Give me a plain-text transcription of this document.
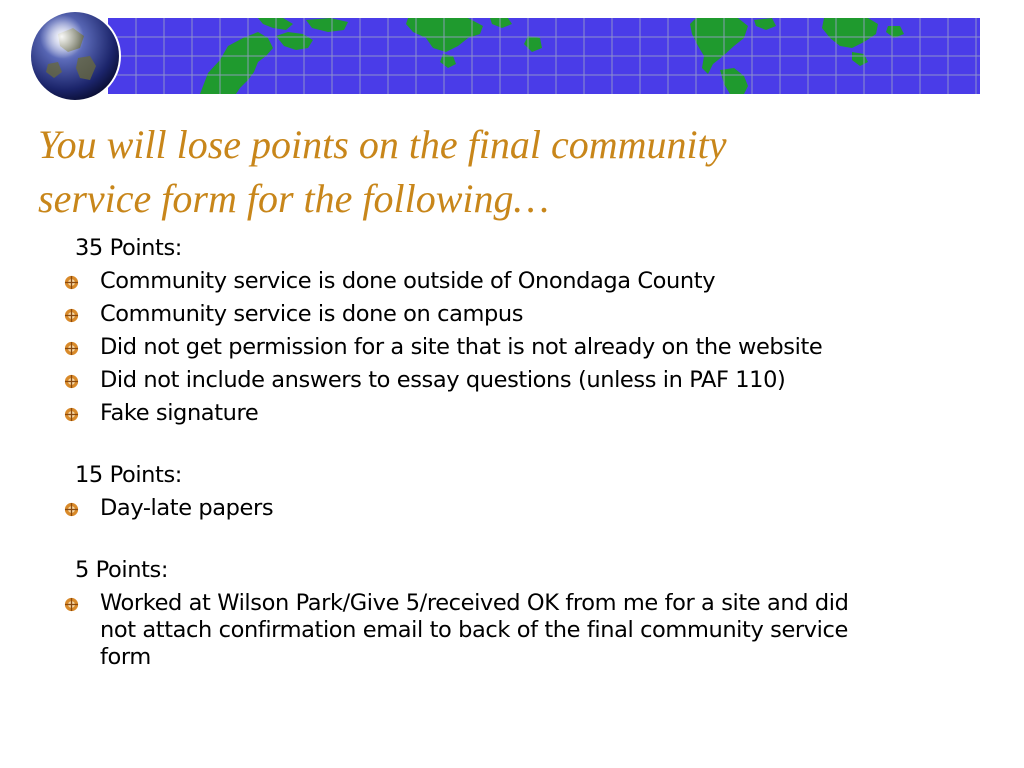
You will lose points on the final community
service form for the following…
35 Points:
Community service is done outside of Onondaga County
Community service is done on campus
Did not get permission for a site that is not already on the website
Did not include answers to essay questions (unless in PAF 110)
Fake signature
15 Points:
Day-late papers
5 Points:
Worked at Wilson Park/Give 5/received OK from me for a site and did not attach confirmation email to back of the final community service form
